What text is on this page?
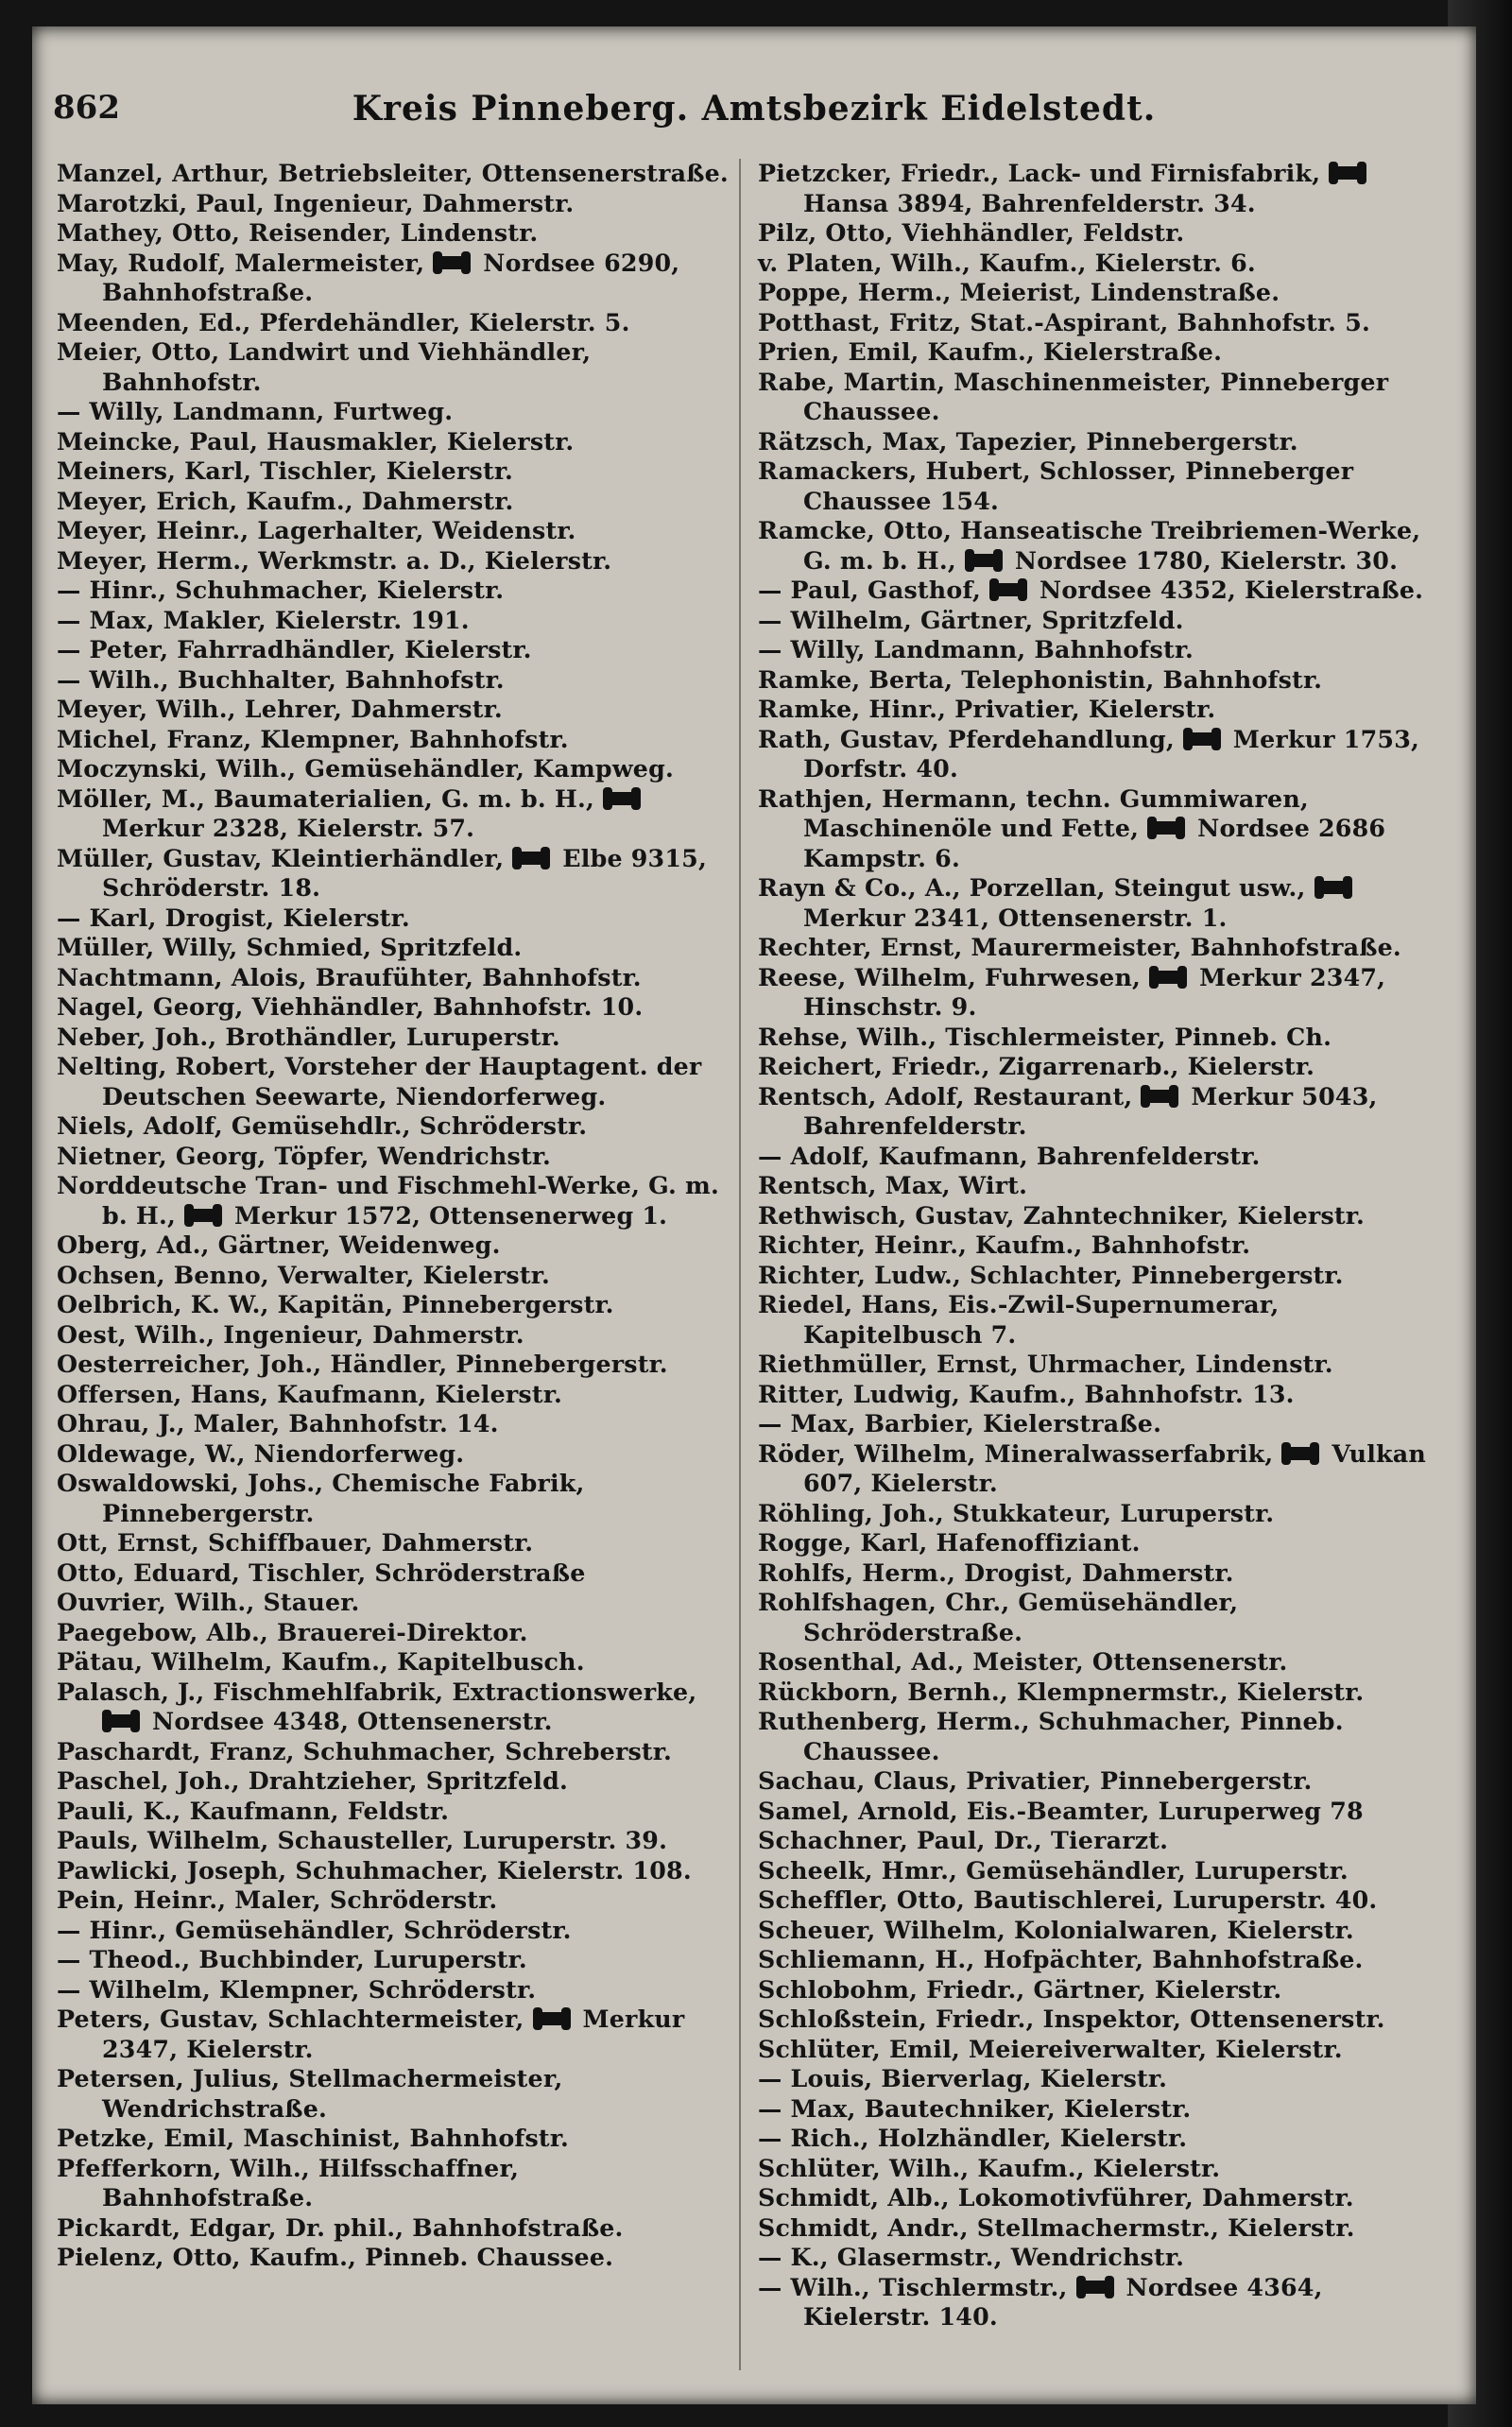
862	Kreis Pinneberg. Amtsbezirk Eidelstedt.

Manzel, Arthur, Betriebsleiter, Ottensenerstraße.

Marotzki, Paul, Ingenieur, Dahmerstr.

Mathey, Otto, Reisender, Lindenstr.

May, Rudolf, Malermeister,  Nordsee 6290, Bahnhofstraße.

Meenden, Ed., Pferdehändler, Kielerstr. 5.

Meier, Otto, Landwirt und Viehhändler, Bahnhofstr.

— Willy, Landmann, Furtweg.

Meincke, Paul, Hausmakler, Kielerstr.

Meiners, Karl, Tischler, Kielerstr.

Meyer, Erich, Kaufm., Dahmerstr.

Meyer, Heinr., Lagerhalter, Weidenstr.

Meyer, Herm., Werkmstr. a. D., Kielerstr.

— Hinr., Schuhmacher, Kielerstr.

— Max, Makler, Kielerstr. 191.

— Peter, Fahrradhändler, Kielerstr.

— Wilh., Buchhalter, Bahnhofstr.

Meyer, Wilh., Lehrer, Dahmerstr.

Michel, Franz, Klempner, Bahnhofstr.

Moczynski, Wilh., Gemüsehändler, Kampweg.

Möller, M., Baumaterialien, G. m. b. H.,  Merkur 2328, Kielerstr. 57.

Müller, Gustav, Kleintierhändler,  Elbe 9315, Schröderstr. 18.

— Karl, Drogist, Kielerstr.

Müller, Willy, Schmied, Spritzfeld.

Nachtmann, Alois, Braufühter, Bahnhofstr.

Nagel, Georg, Viehhändler, Bahnhofstr. 10.

Neber, Joh., Brothändler, Luruperstr.

Nelting, Robert, Vorsteher der Hauptagent. der Deutschen Seewarte, Niendorferweg.

Niels, Adolf, Gemüsehdlr., Schröderstr.

Nietner, Georg, Töpfer, Wendrichstr.

Norddeutsche Tran- und Fischmehl-Werke, G. m. b. H.,  Merkur 1572, Ottensenerweg 1.

Oberg, Ad., Gärtner, Weidenweg.

Ochsen, Benno, Verwalter, Kielerstr.

Oelbrich, K. W., Kapitän, Pinnebergerstr.

Oest, Wilh., Ingenieur, Dahmerstr.

Oesterreicher, Joh., Händler, Pinnebergerstr.

Offersen, Hans, Kaufmann, Kielerstr.

Ohrau, J., Maler, Bahnhofstr. 14.

Oldewage, W., Niendorferweg.

Oswaldowski, Johs., Chemische Fabrik, Pinnebergerstr.

Ott, Ernst, Schiffbauer, Dahmerstr.

Otto, Eduard, Tischler, Schröderstraße

Ouvrier, Wilh., Stauer.

Paegebow, Alb., Brauerei-Direktor.

Pätau, Wilhelm, Kaufm., Kapitelbusch.

Palasch, J., Fischmehlfabrik, Extractionswerke,  Nordsee 4348, Ottensenerstr.

Paschardt, Franz, Schuhmacher, Schreberstr.

Paschel, Joh., Drahtzieher, Spritzfeld.

Pauli, K., Kaufmann, Feldstr.

Pauls, Wilhelm, Schausteller, Luruperstr. 39.

Pawlicki, Joseph, Schuhmacher, Kielerstr. 108.

Pein, Heinr., Maler, Schröderstr.

— Hinr., Gemüsehändler, Schröderstr.

— Theod., Buchbinder, Luruperstr.

— Wilhelm, Klempner, Schröderstr.

Peters, Gustav, Schlachtermeister,  Merkur 2347, Kielerstr.

Petersen, Julius, Stellmachermeister, Wendrichstraße.

Petzke, Emil, Maschinist, Bahnhofstr.

Pfefferkorn, Wilh., Hilfsschaffner, Bahnhofstraße.

Pickardt, Edgar, Dr. phil., Bahnhofstraße.

Pielenz, Otto, Kaufm., Pinneb. Chaussee.

Pietzcker, Friedr., Lack- und Firnisfabrik,  Hansa 3894, Bahrenfelderstr. 34.

Pilz, Otto, Viehhändler, Feldstr.

v. Platen, Wilh., Kaufm., Kielerstr. 6.

Poppe, Herm., Meierist, Lindenstraße.

Potthast, Fritz, Stat.-Aspirant, Bahnhofstr. 5.

Prien, Emil, Kaufm., Kielerstraße.

Rabe, Martin, Maschinenmeister, Pinneberger Chaussee.

Rätzsch, Max, Tapezier, Pinnebergerstr.

Ramackers, Hubert, Schlosser, Pinneberger Chaussee 154.

Ramcke, Otto, Hanseatische Treibriemen-Werke, G. m. b. H.,  Nordsee 1780, Kielerstr. 30.

— Paul, Gasthof,  Nordsee 4352, Kielerstraße.

— Wilhelm, Gärtner, Spritzfeld.

— Willy, Landmann, Bahnhofstr.

Ramke, Berta, Telephonistin, Bahnhofstr.

Ramke, Hinr., Privatier, Kielerstr.

Rath, Gustav, Pferdehandlung,  Merkur 1753, Dorfstr. 40.

Rathjen, Hermann, techn. Gummiwaren, Maschinenöle und Fette,  Nordsee 2686 Kampstr. 6.

Rayn & Co., A., Porzellan, Steingut usw.,  Merkur 2341, Ottensenerstr. 1.

Rechter, Ernst, Maurermeister, Bahnhofstraße.

Reese, Wilhelm, Fuhrwesen,  Merkur 2347, Hinschstr. 9.

Rehse, Wilh., Tischlermeister, Pinneb. Ch.

Reichert, Friedr., Zigarrenarb., Kielerstr.

Rentsch, Adolf, Restaurant,  Merkur 5043, Bahrenfelderstr.

— Adolf, Kaufmann, Bahrenfelderstr.

Rentsch, Max, Wirt.

Rethwisch, Gustav, Zahntechniker, Kielerstr.

Richter, Heinr., Kaufm., Bahnhofstr.

Richter, Ludw., Schlachter, Pinnebergerstr.

Riedel, Hans, Eis.-Zwil-Supernumerar, Kapitelbusch 7.

Riethmüller, Ernst, Uhrmacher, Lindenstr.

Ritter, Ludwig, Kaufm., Bahnhofstr. 13.

— Max, Barbier, Kielerstraße.

Röder, Wilhelm, Mineralwasserfabrik,  Vulkan 607, Kielerstr.

Röhling, Joh., Stukkateur, Luruperstr.

Rogge, Karl, Hafenoffiziant.

Rohlfs, Herm., Drogist, Dahmerstr.

Rohlfshagen, Chr., Gemüsehändler, Schröderstraße.

Rosenthal, Ad., Meister, Ottensenerstr.

Rückborn, Bernh., Klempnermstr., Kielerstr.

Ruthenberg, Herm., Schuhmacher, Pinneb. Chaussee.

Sachau, Claus, Privatier, Pinnebergerstr.

Samel, Arnold, Eis.-Beamter, Luruperweg 78

Schachner, Paul, Dr., Tierarzt.

Scheelk, Hmr., Gemüsehändler, Luruperstr.

Scheffler, Otto, Bautischlerei, Luruperstr. 40.

Scheuer, Wilhelm, Kolonialwaren, Kielerstr.

Schliemann, H., Hofpächter, Bahnhofstraße.

Schlobohm, Friedr., Gärtner, Kielerstr.

Schloßstein, Friedr., Inspektor, Ottensenerstr.

Schlüter, Emil, Meiereiverwalter, Kielerstr.

— Louis, Bierverlag, Kielerstr.

— Max, Bautechniker, Kielerstr.

— Rich., Holzhändler, Kielerstr.

Schlüter, Wilh., Kaufm., Kielerstr.

Schmidt, Alb., Lokomotivführer, Dahmerstr.

Schmidt, Andr., Stellmachermstr., Kielerstr.

— K., Glasermstr., Wendrichstr.

— Wilh., Tischlermstr.,  Nordsee 4364, Kielerstr. 140.
